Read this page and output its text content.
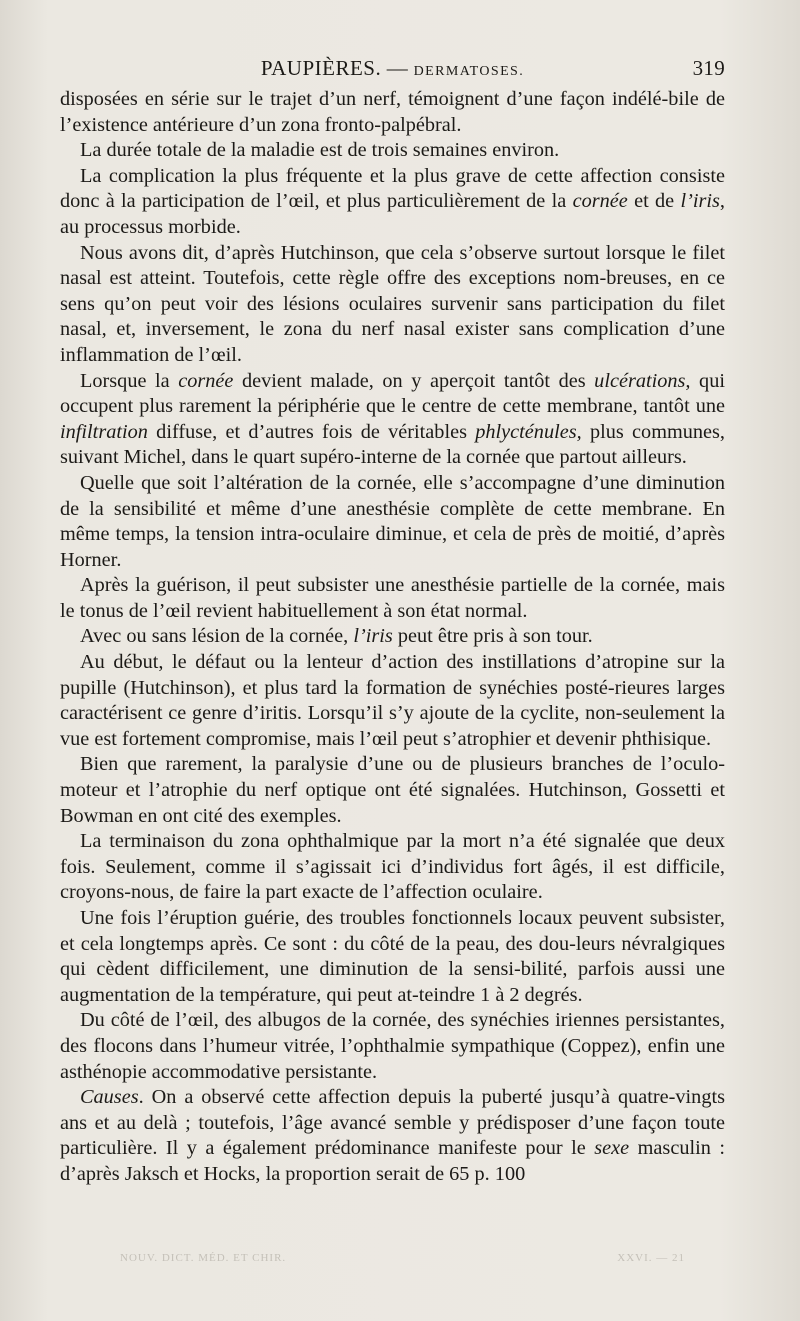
PAUPIÈRES. — DERMATOSES.	319

disposées en série sur le trajet d’un nerf, témoignent d’une façon indélé-bile de l’existence antérieure d’un zona fronto-palpébral.

La durée totale de la maladie est de trois semaines environ.

La complication la plus fréquente et la plus grave de cette affection consiste donc à la participation de l’œil, et plus particulièrement de la cornée et de l’iris, au processus morbide.

Nous avons dit, d’après Hutchinson, que cela s’observe surtout lorsque le filet nasal est atteint. Toutefois, cette règle offre des exceptions nom-breuses, en ce sens qu’on peut voir des lésions oculaires survenir sans participation du filet nasal, et, inversement, le zona du nerf nasal exister sans complication d’une inflammation de l’œil.

Lorsque la cornée devient malade, on y aperçoit tantôt des ulcérations, qui occupent plus rarement la périphérie que le centre de cette membrane, tantôt une infiltration diffuse, et d’autres fois de véritables phlycténules, plus communes, suivant Michel, dans le quart supéro-interne de la cornée que partout ailleurs.

Quelle que soit l’altération de la cornée, elle s’accompagne d’une diminution de la sensibilité et même d’une anesthésie complète de cette membrane. En même temps, la tension intra-oculaire diminue, et cela de près de moitié, d’après Horner.

Après la guérison, il peut subsister une anesthésie partielle de la cornée, mais le tonus de l’œil revient habituellement à son état normal.

Avec ou sans lésion de la cornée, l’iris peut être pris à son tour.

Au début, le défaut ou la lenteur d’action des instillations d’atropine sur la pupille (Hutchinson), et plus tard la formation de synéchies posté-rieures larges caractérisent ce genre d’iritis. Lorsqu’il s’y ajoute de la cyclite, non-seulement la vue est fortement compromise, mais l’œil peut s’atrophier et devenir phthisique.

Bien que rarement, la paralysie d’une ou de plusieurs branches de l’oculo-moteur et l’atrophie du nerf optique ont été signalées. Hutchinson, Gossetti et Bowman en ont cité des exemples.

La terminaison du zona ophthalmique par la mort n’a été signalée que deux fois. Seulement, comme il s’agissait ici d’individus fort âgés, il est difficile, croyons-nous, de faire la part exacte de l’affection oculaire.

Une fois l’éruption guérie, des troubles fonctionnels locaux peuvent subsister, et cela longtemps après. Ce sont : du côté de la peau, des dou-leurs névralgiques qui cèdent difficilement, une diminution de la sensi-bilité, parfois aussi une augmentation de la température, qui peut at-teindre 1 à 2 degrés.

Du côté de l’œil, des albugos de la cornée, des synéchies iriennes persistantes, des flocons dans l’humeur vitrée, l’ophthalmie sympathique (Coppez), enfin une asthénopie accommodative persistante.

Causes. On a observé cette affection depuis la puberté jusqu’à quatre-vingts ans et au delà ; toutefois, l’âge avancé semble y prédisposer d’une façon toute particulière. Il y a également prédominance manifeste pour le sexe masculin : d’après Jaksch et Hocks, la proportion serait de 65 p. 100

NOUV. DICT. MÉD. ET CHIR.	XXVI. — 21
